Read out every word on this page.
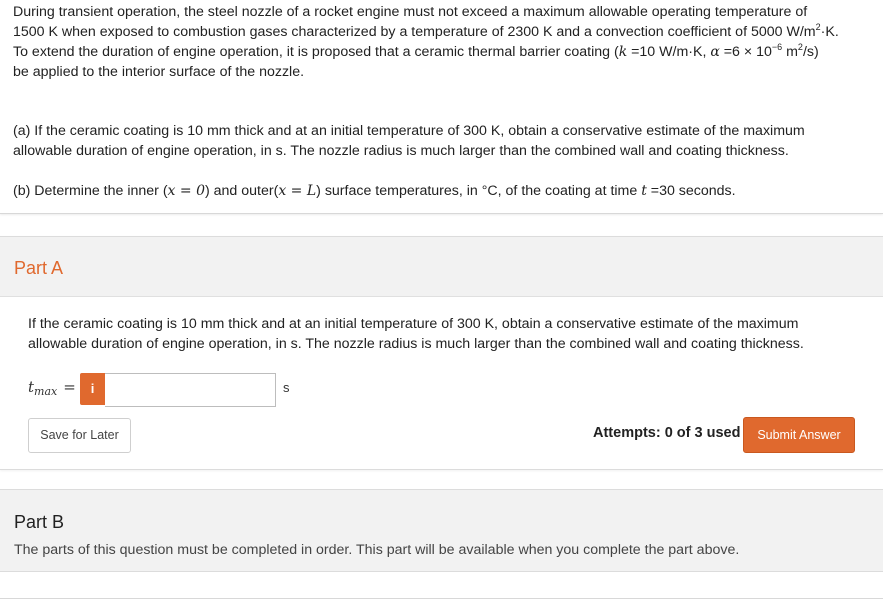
During transient operation, the steel nozzle of a rocket engine must not exceed a maximum allowable operating temperature of
1500 K when exposed to combustion gases characterized by a temperature of 2300 K and a convection coefficient of 5000 $W/m^2\cdot K$.
To extend the duration of engine operation, it is proposed that a ceramic thermal barrier coating (k =10 W/m·K, $\alpha =6 \times 10^{-6}$ $m^2/s$)
be applied to the interior surface of the nozzle.
(a) If the ceramic coating is 10 mm thick and at an initial temperature of 300 K, obtain a conservative estimate of the maximum
allowable duration of engine operation, in s. The nozzle radius is much larger than the combined wall and coating thickness.
(b) Determine the inner (x = 0) and outer(x = L) surface temperatures, in °C, of the coating at time t =30 seconds.
Part A
If the ceramic coating is 10 mm thick and at an initial temperature of 300 K, obtain a conservative estimate of the maximum
allowable duration of engine operation, in s. The nozzle radius is much larger than the combined wall and coating thickness.
$t_{max}$ =	i	s
Save for Later	Attempts: 0 of 3 used	Submit Answer
Part B
The parts of this question must be completed in order. This part will be available when you complete the part above.
